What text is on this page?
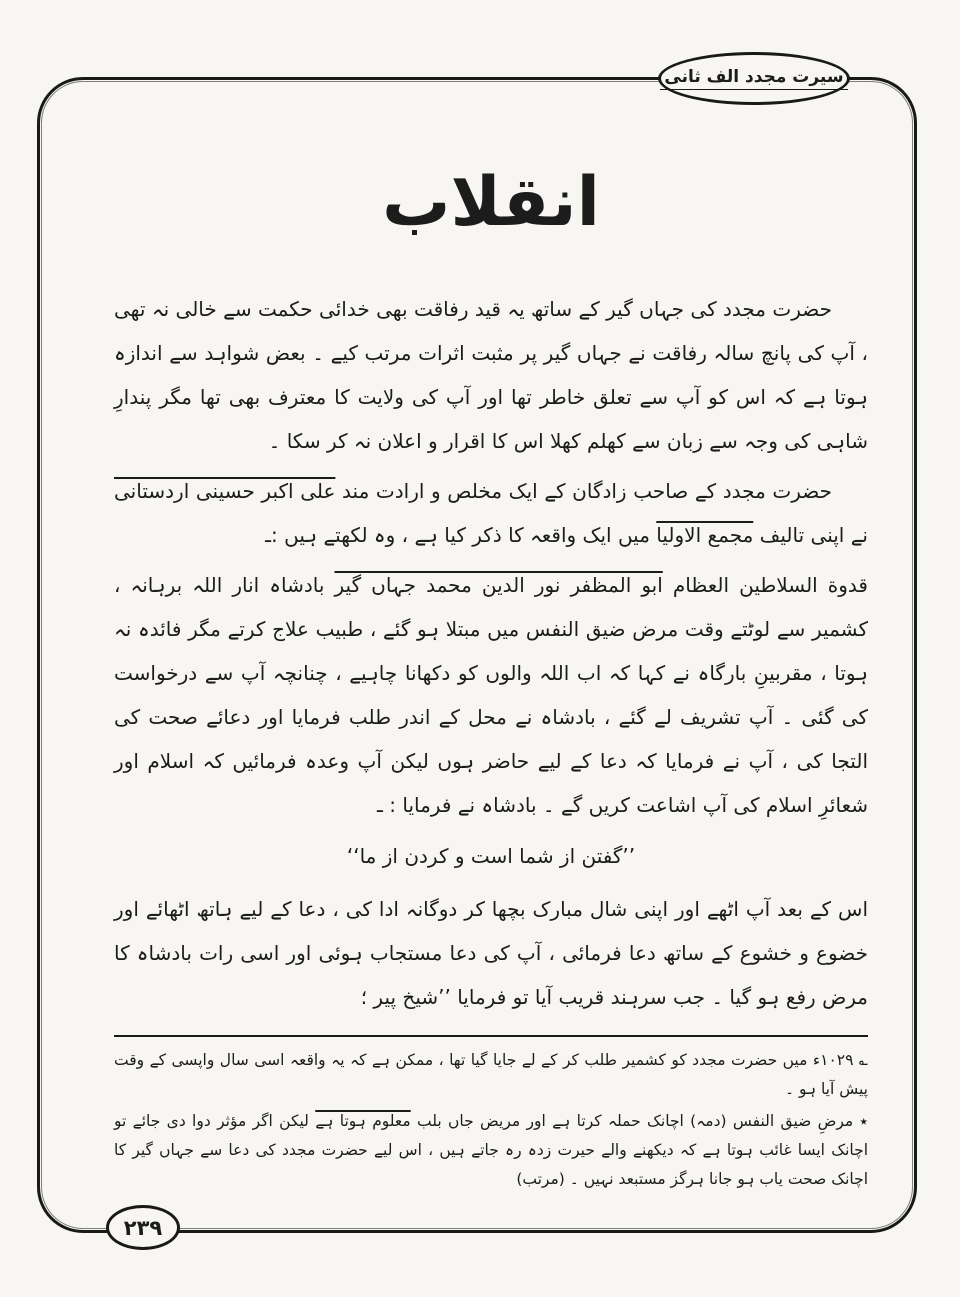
انقلاب

حضرت مجدد کی جہاں گیر کے ساتھ یہ قید رفاقت بھی خدائی حکمت سے خالی نہ تھی ، آپ کی پانچ سالہ رفاقت نے جہاں گیر پر مثبت اثرات مرتب کیے ۔ بعض شواہد سے اندازہ ہوتا ہے کہ اس کو آپ سے تعلق خاطر تھا اور آپ کی ولایت کا معترف بھی تھا مگر پندارِ شاہی کی وجہ سے زبان سے کھلم کھلا اس کا اقرار و اعلان نہ کر سکا ۔

حضرت مجدد کے صاحب زادگان کے ایک مخلص و ارادت مند علی اکبر حسینی اردستانی نے اپنی تالیف مجمع الاولیا میں ایک واقعہ کا ذکر کیا ہے ، وہ لکھتے ہیں :ـ

قدوة السلاطین العظام ابو المظفر نور الدین محمد جہاں گیر بادشاہ انار اللہ برہانہ ، کشمیر سے لوٹتے وقت مرض ضیق النفس میں مبتلا ہو گئے ، طبیب علاج کرتے مگر فائدہ نہ ہوتا ، مقربینِ بارگاہ نے کہا کہ اب اللہ والوں کو دکھانا چاہیے ، چنانچہ آپ سے درخواست کی گئی ۔ آپ تشریف لے گئے ، بادشاہ نے محل کے اندر طلب فرمایا اور دعائے صحت کی التجا کی ، آپ نے فرمایا کہ دعا کے لیے حاضر ہوں لیکن آپ وعدہ فرمائیں کہ اسلام اور شعائرِ اسلام کی آپ اشاعت کریں گے ۔ بادشاہ نے فرمایا : ـ

’’گفتن از شما است و کردن از ما‘‘

اس کے بعد آپ اٹھے اور اپنی شال مبارک بچھا کر دوگانہ ادا کی ، دعا کے لیے ہاتھ اٹھائے اور خضوع و خشوع کے ساتھ دعا فرمائی ، آپ کی دعا مستجاب ہوئی اور اسی رات بادشاہ کا مرض رفع ہو گیا ۔ جب سرہند قریب آیا تو فرمایا ’’شیخ پیر ؛

؎ ۱۰۲۹ء میں حضرت مجدد کو کشمیر طلب کر کے لے جایا گیا تھا ، ممکن ہے کہ یہ واقعہ اسی سال واپسی کے وقت پیش آیا ہو ۔

٭ مرضِ ضیق النفس (دمہ) اچانک حملہ کرتا ہے اور مریض جاں بلب معلوم ہوتا ہے لیکن اگر مؤثر دوا دی جائے تو اچانک ایسا غائب ہوتا ہے کہ دیکھنے والے حیرت زدہ رہ جاتے ہیں ، اس لیے حضرت مجدد کی دعا سے جہاں گیر کا اچانک صحت یاب ہو جانا ہرگز مستبعد نہیں ۔ (مرتب)

سیرت مجدد الف ثانی
۲۳۹
